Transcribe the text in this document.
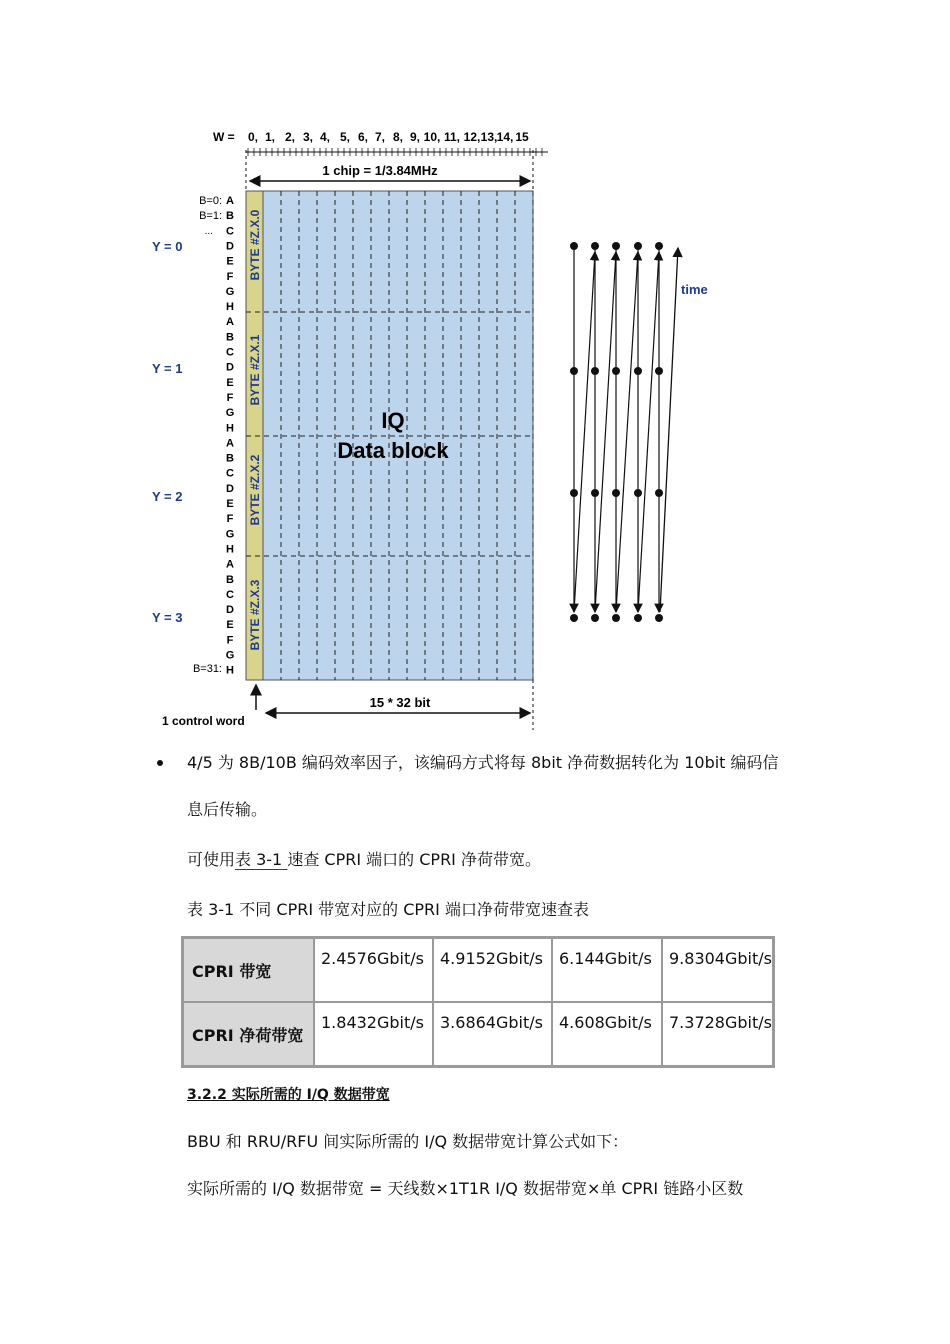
W = 0, 1, 2, 3, 4, 5, 6, 7, 8, 9, 10, 11, 12, 13, 14, 15
1 chip = 1/3.84MHz
BYTE #Z.X.0
BYTE #Z.X.1
BYTE #Z.X.2
BYTE #Z.X.3
IQ
Data block
B=0:
B=1:
...
B=31:
A
B
C
D
E
F
G
H
A
B
C
D
E
F
G
H
A
B
C
D
E
F
G
H
A
B
C
D
E
F
G
H
Y = 0
Y = 1
Y = 2
Y = 3
1 control word
15 * 32 bit
time
4/5 为 8B/10B 编码效率因子，该编码方式将每 8bit 净荷数据转化为 10bit 编码信
息后传输。
可使用表 3-1 速查 CPRI 端口的 CPRI 净荷带宽。
表 3-1 不同 CPRI 带宽对应的 CPRI 端口净荷带宽速查表
CPRI 带宽	2.4576Gbit/s	4.9152Gbit/s	6.144Gbit/s	9.8304Gbit/s
CPRI 净荷带宽	1.8432Gbit/s	3.6864Gbit/s	4.608Gbit/s	7.3728Gbit/s
3.2.2 实际所需的 I/Q 数据带宽
BBU 和 RRU/RFU 间实际所需的 I/Q 数据带宽计算公式如下：
实际所需的 I/Q 数据带宽 = 天线数×1T1R I/Q 数据带宽×单 CPRI 链路小区数
